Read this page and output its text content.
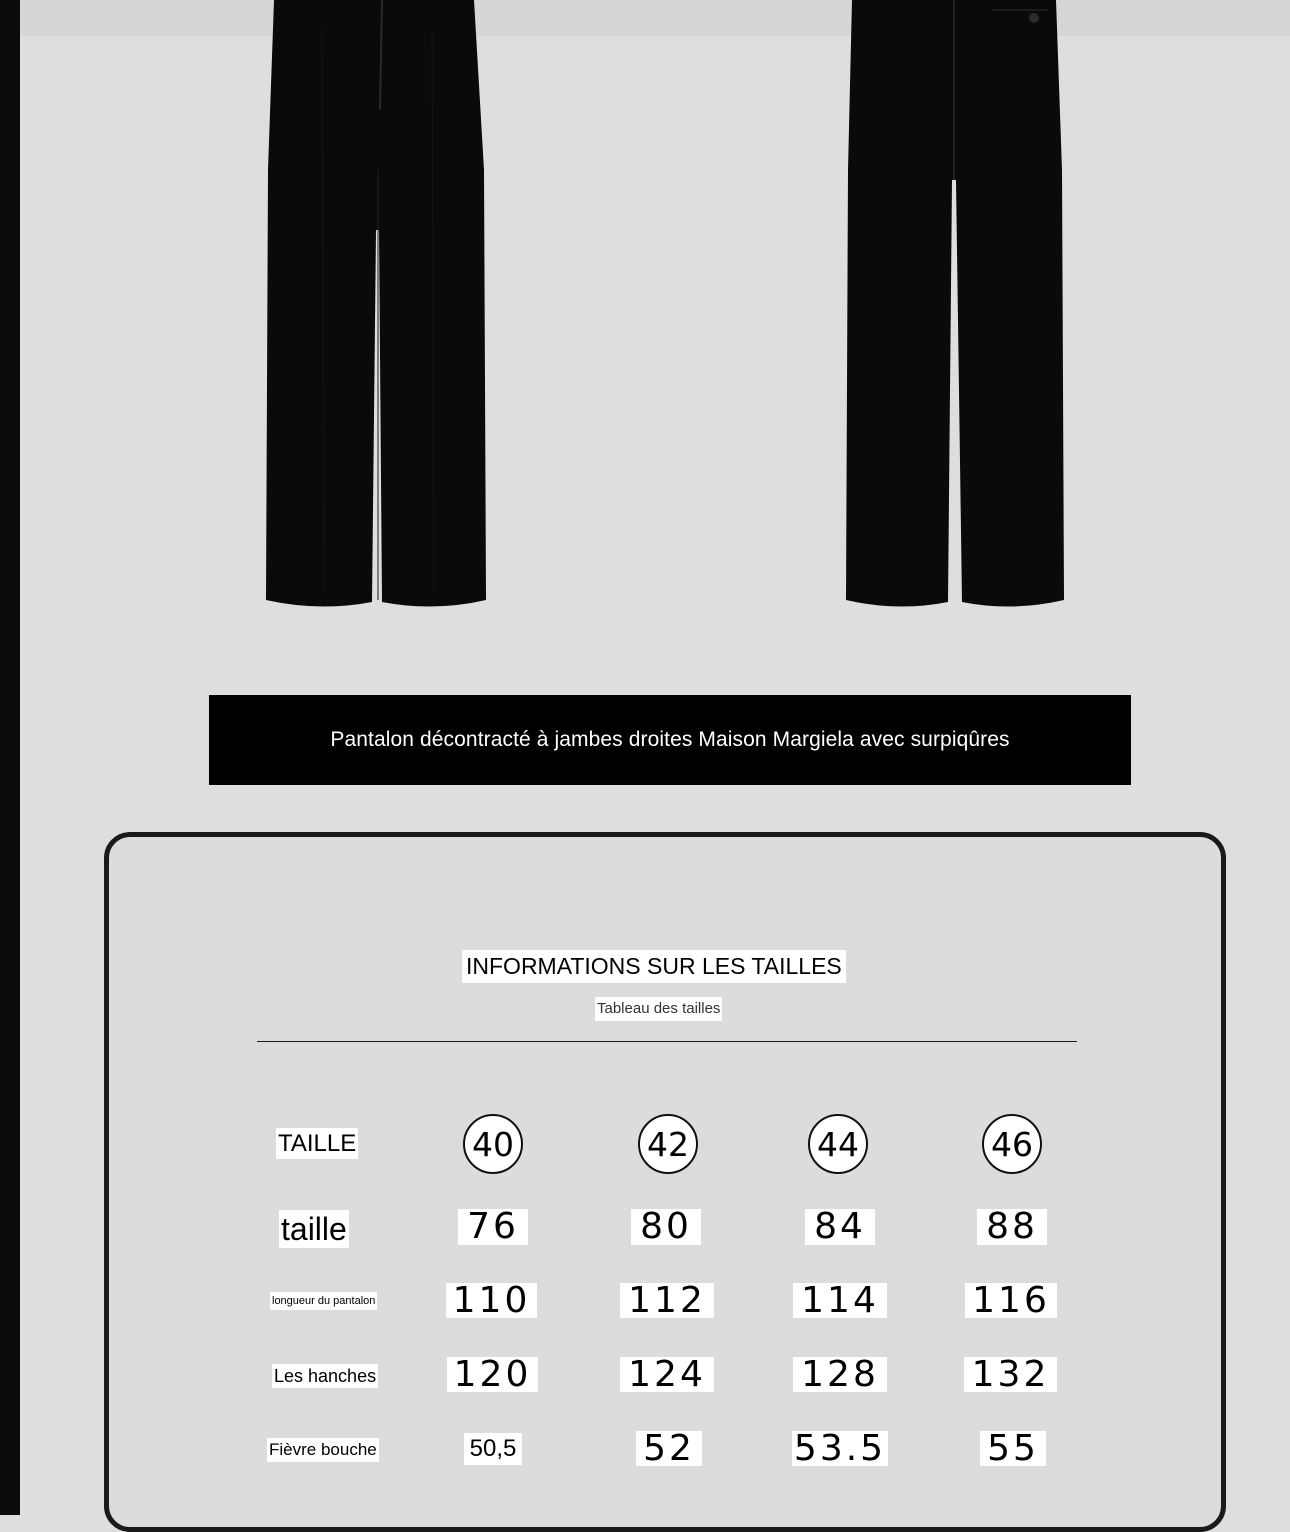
Pantalon décontracté à jambes droites Maison Margiela avec surpiqûres
INFORMATIONS SUR LES TAILLES
Tableau des tailles
TAILLE	40	42	44	46
taille	76	80	84	88
longueur du pantalon 110	112	114	116
Les hanches 120	124	128	132
Fièvre bouche	50,5	52	53.5	55
